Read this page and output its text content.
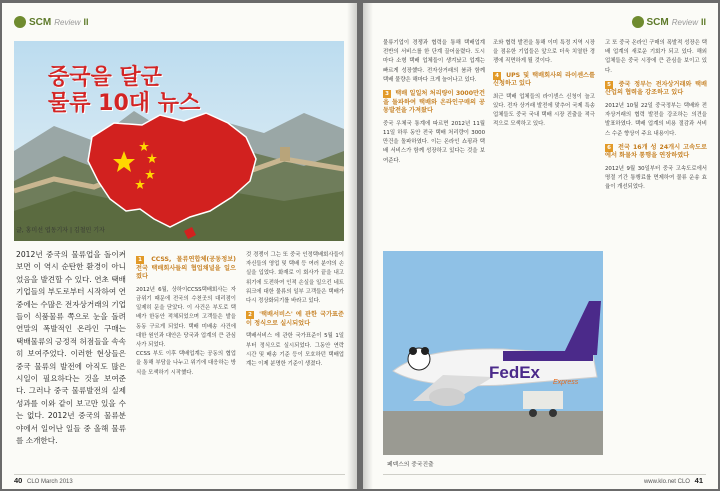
SCM Review II
중국을 달군
물류 10대 뉴스
글, 홍미선 엽동기자 | 김철민 기자
2012년 중국의 물류업을 돌이켜 보면 이 역시 순탄한 환경이 아니었음을 발견할 수 있다. 연초 택배기업들의 부도로부터 시작하여 연중에는 수많은 전자상거래의 기업들이 식품물류 쪽으로 눈을 돌려 연말의 폭발적인 온라인 구매는 택배물류의 긍정적 허점들을 속속히 보여주었다. 이러한 현상들은 중국 물류의 발전에 아직도 많은 시일이 필요하다는 것을 보여준다. 그러나 중국 물류발전의 실제 성과를 이와 같이 보고만 있을 수는 없다. 2012년 중국의 물류분야에서 일어난 일들 중 올해 물류를 소개한다.
1 CCSS, 물류연합체(공동정보) 전국 택배회사들의 협업채널을 일으켰다

2012년 6월, 상하이CCSS택배회사는 자금위기 때문에 전국의 수천곳의 대리점이 일제히 문을 닫았다. 이 사건은 부도로 택배가 한동안 적체되었으며 고객들은 발을 동동 구르게 되었다. 택배 미배송 사건에 대한 원인과 대안은 당국과 업계의 큰 관심사가 되었다.

CCSS 부도 이후 택배업계는 공동의 협업을 통해 부담을 나누고 위기에 대응하는 방식을 모색하기 시작했다.

것 경쟁이 그는 또 중국 인정택배회사들이 자신들의 영업 및 택배 등 여러 분야의 손실을 입었다. 화재로 이 회사가 끝을 내고 위기에 도전하여 인적 손실을 일으킨 네트워크에 대한 물류의 일부 고객들은 택배가 다시 정상화되기를 바라고 있다.

2 '택배서비스' 에 관한 국가표준이 정식으로 실시되었다

택배서비스 에 관한 국가표준이 5월 1일부터 정식으로 실시되었다. 그동안 연락 시간 및 배송 기준 등이 모호하던 택배업계는 이제 분명한 기준이 생겼다.

40 CLO March 2013
SCM Review II

물류기업이 경쟁과 협력을 통해 택배업계 전반의 서비스를 한 단계 끌어올렸다. 도시마다 소형 택배 업체들이 생겨났고 업계는 빠르게 성장했다. 전자상거래의 붐과 함께 택배 물량은 해마다 크게 늘어나고 있다.

3 택배 일일처 처리량이 3000만건을 돌파하여 택배와 온라인구매의 공동발전을 가져왔다

중국 우체국 통계에 따르면 2012년 11월 11일 하루 동안 전국 택배 처리량이 3000만건을 돌파하였다. 이는 온라인 쇼핑과 택배 서비스가 함께 성장하고 있다는 것을 보여준다.

조와 협력 발전을 통해 이미 특정 지역 시장을 점유한 기업들은 앞으로 더욱 치열한 경쟁에 직면하게 될 것이다.

4 UPS 및 택배회사의 라이센스를 신청하고 있다

최근 택배 업체들의 라이센스 신청이 늘고 있다. 전자 상거래 발전에 맞추어 국제 특송 업체들도 중국 국내 택배 시장 진출을 적극적으로 모색하고 있다.

고 또 중국 온라인 구매의 폭발적 성장은 택배 업계의 새로운 기회가 되고 있다. 해외 업체들은 중국 시장에 큰 관심을 보이고 있다.

5 중국 정부는 전자상거래와 택배 산업의 협력을 강조하고 있다

2012년 10월 22일 중국정부는 택배와 전자상거래의 협력 발전을 강조하는 의견을 발표하였다. 택배 업계의 비용 절감과 서비스 수준 향상이 주요 내용이다.

6 전국 16개 성 24개시 고속도로에서 화물차 통행을 연장하였다

2012년 9월 30일부터 중국 고속도로에서 명절 기간 통행료를 면제하여 물류 운송 효율이 개선되었다.

FedEx
Express
페덱스의 중국진출
www.klo.net CLO 41
